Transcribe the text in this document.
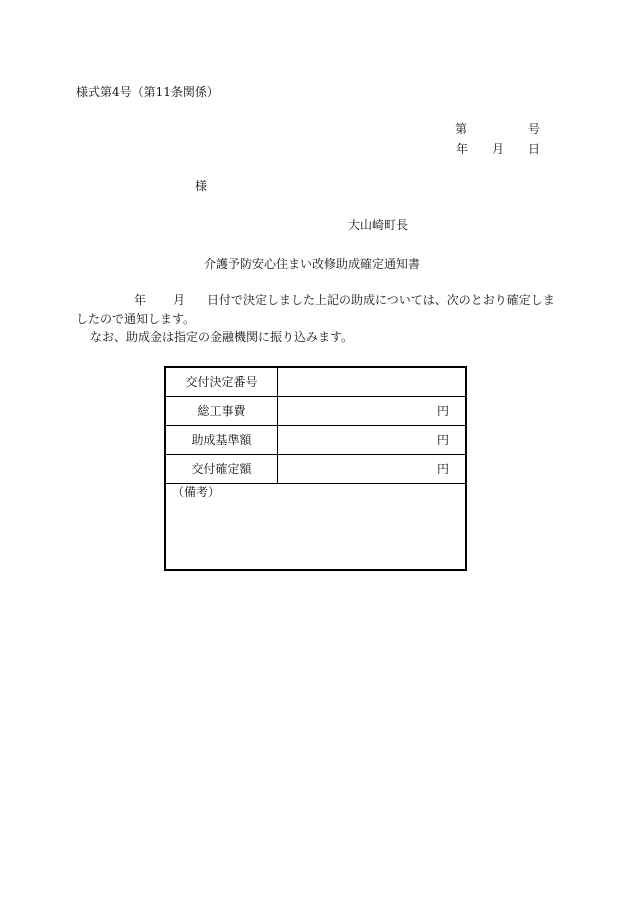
様式第4号（第11条関係）
第	号
年 月 日
様
大山崎町長
介護予防安心住まい改修助成確定通知書
年 月 日付で決定しました上記の助成については、次のとおり確定しま
したので通知します。
なお、助成金は指定の金融機関に振り込みます。
交付決定番号
総工事費	円
助成基準額	円
交付確定額	円
（備考）
